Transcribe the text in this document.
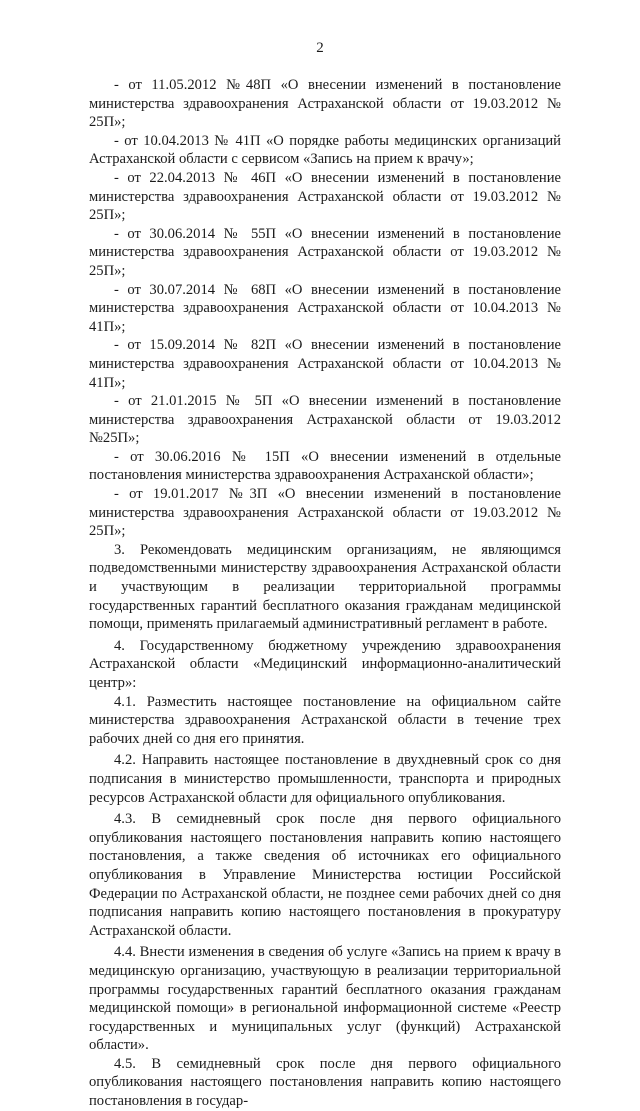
2

- от 11.05.2012 №48П «О внесении изменений в постановление министерства здравоохранения Астраханской области от 19.03.2012 № 25П»;

- от 10.04.2013 № 41П «О порядке работы медицинских организаций Астраханской области с сервисом «Запись на прием к врачу»;

- от 22.04.2013 № 46П «О внесении изменений в постановление министерства здравоохранения Астраханской области от 19.03.2012 № 25П»;

- от 30.06.2014 № 55П «О внесении изменений в постановление министерства здравоохранения Астраханской области от 19.03.2012 № 25П»;

- от 30.07.2014 № 68П «О внесении изменений в постановление министерства здравоохранения Астраханской области от 10.04.2013 № 41П»;

- от 15.09.2014 № 82П «О внесении изменений в постановление министерства здравоохранения Астраханской области от 10.04.2013 № 41П»;

- от 21.01.2015 № 5П «О внесении изменений в постановление министерства здравоохранения Астраханской области от 19.03.2012 №25П»;

- от 30.06.2016 № 15П «О внесении изменений в отдельные постановления министерства здравоохранения Астраханской области»;

- от 19.01.2017 №3П «О внесении изменений в постановление министерства здравоохранения Астраханской области от 19.03.2012 № 25П»;

3. Рекомендовать медицинским организациям, не являющимся подведомственными министерству здравоохранения Астраханской области и участвующим в реализации территориальной программы государственных гарантий бесплатного оказания гражданам медицинской помощи, применять прилагаемый административный регламент в работе.

4. Государственному бюджетному учреждению здравоохранения Астраханской области «Медицинский информационно-аналитический центр»:

4.1. Разместить настоящее постановление на официальном сайте министерства здравоохранения Астраханской области в течение трех рабочих дней со дня его принятия.

4.2. Направить настоящее постановление в двухдневный срок со дня подписания в министерство промышленности, транспорта и природных ресурсов Астраханской области для официального опубликования.

4.3. В семидневный срок после дня первого официального опубликования настоящего постановления направить копию настоящего постановления, а также сведения об источниках его официального опубликования в Управление Министерства юстиции Российской Федерации по Астраханской области, не позднее семи рабочих дней со дня подписания направить копию настоящего постановления в прокуратуру Астраханской области.

4.4. Внести изменения в сведения об услуге «Запись на прием к врачу в медицинскую организацию, участвующую в реализации территориальной программы государственных гарантий бесплатного оказания гражданам медицинской помощи» в региональной информационной системе «Реестр государственных и муниципальных услуг (функций) Астраханской области».

4.5. В семидневный срок после дня первого официального опубликования настоящего постановления направить копию настоящего постановления в государ-
